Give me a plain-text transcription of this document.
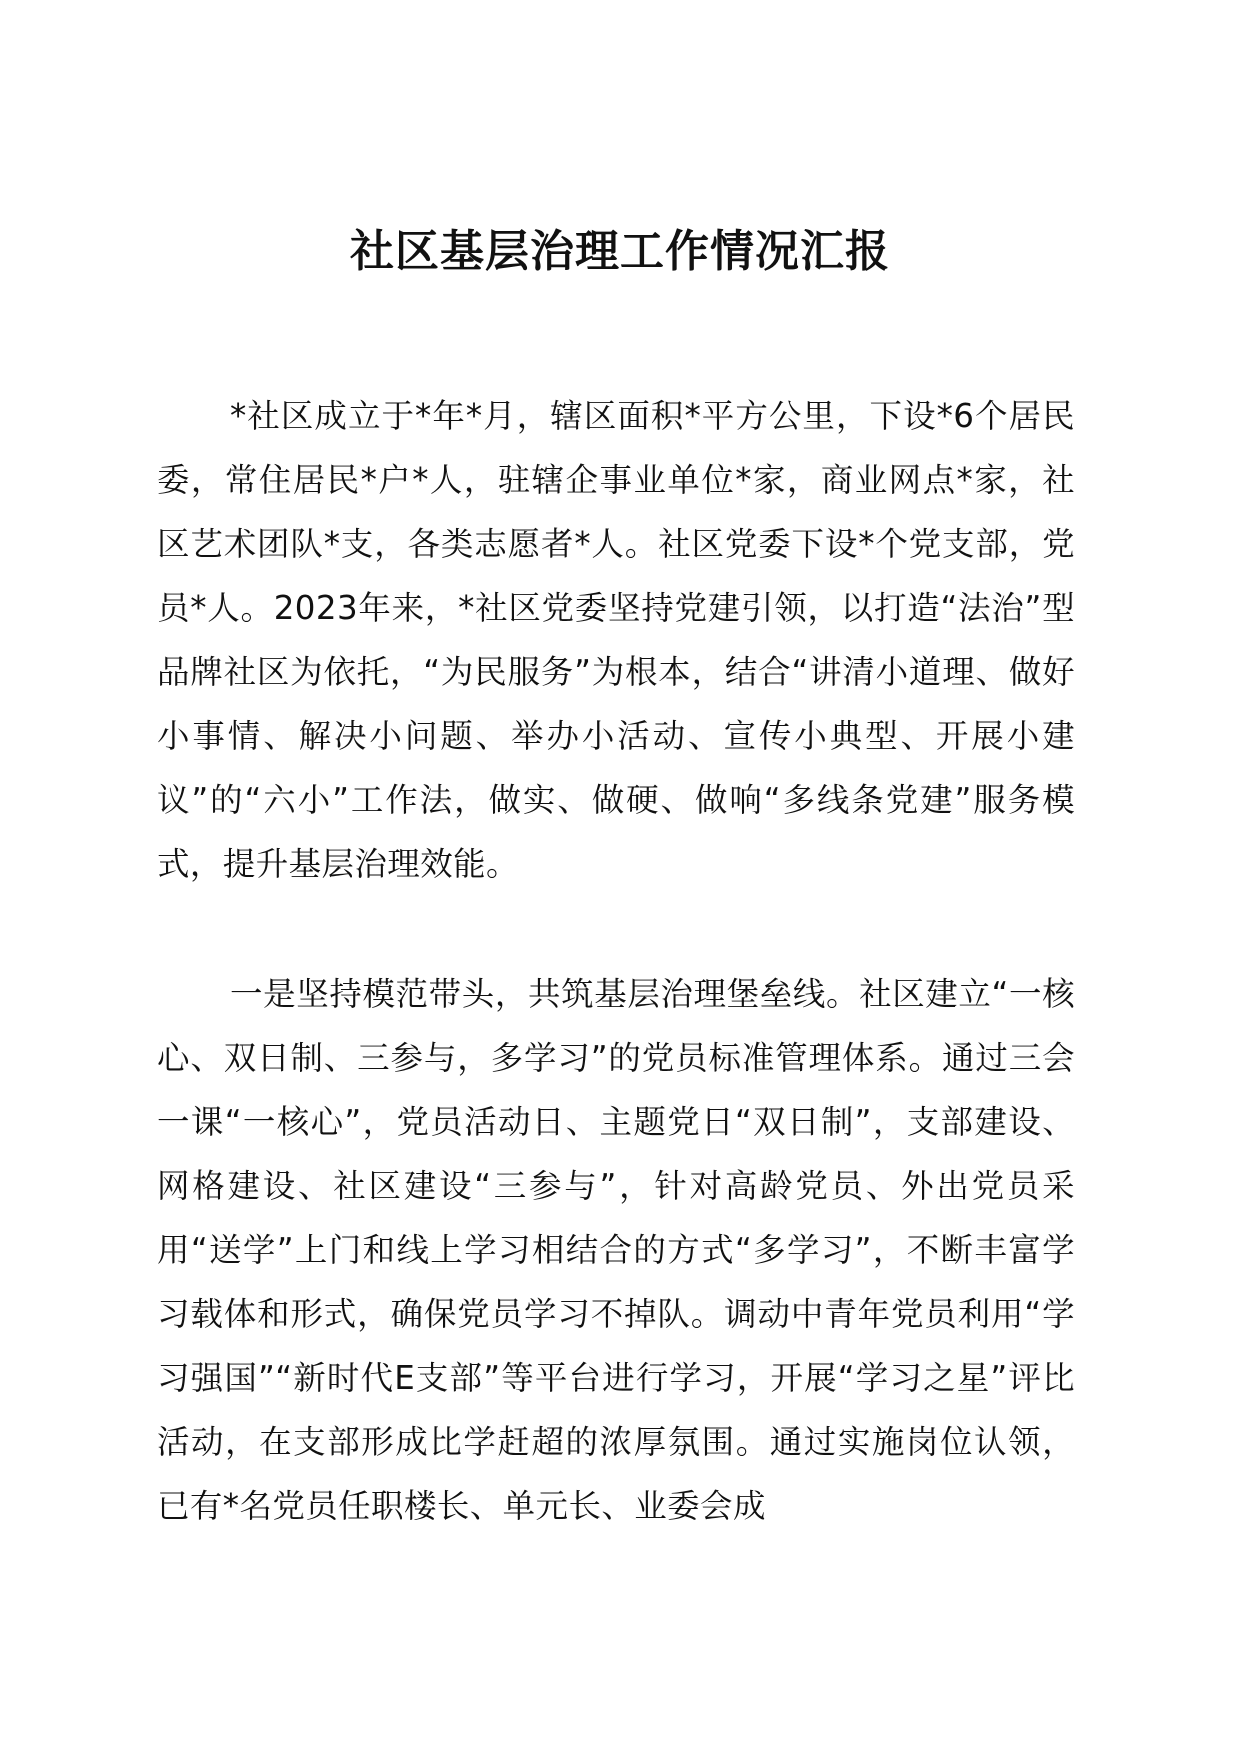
社区基层治理工作情况汇报

*社区成立于*年*月，辖区面积*平方公里，下设*6个居民委，常住居民*户*人，驻辖企事业单位*家，商业网点*家，社区艺术团队*支，各类志愿者*人。社区党委下设*个党支部，党员*人。2023年来，*社区党委坚持党建引领，以打造“法治”型品牌社区为依托，“为民服务”为根本，结合“讲清小道理、做好小事情、解决小问题、举办小活动、宣传小典型、开展小建议”的“六小”工作法，做实、做硬、做响“多线条党建”服务模式，提升基层治理效能。

一是坚持模范带头，共筑基层治理堡垒线。社区建立“一核心、双日制、三参与，多学习”的党员标准管理体系。通过三会一课“一核心”，党员活动日、主题党日“双日制”，支部建设、网格建设、社区建设“三参与”，针对高龄党员、外出党员采用“送学”上门和线上学习相结合的方式“多学习”，不断丰富学习载体和形式，确保党员学习不掉队。调动中青年党员利用“学习强国”“新时代E支部”等平台进行学习，开展“学习之星”评比活动，在支部形成比学赶超的浓厚氛围。通过实施岗位认领，已有*名党员任职楼长、单元长、业委会成
